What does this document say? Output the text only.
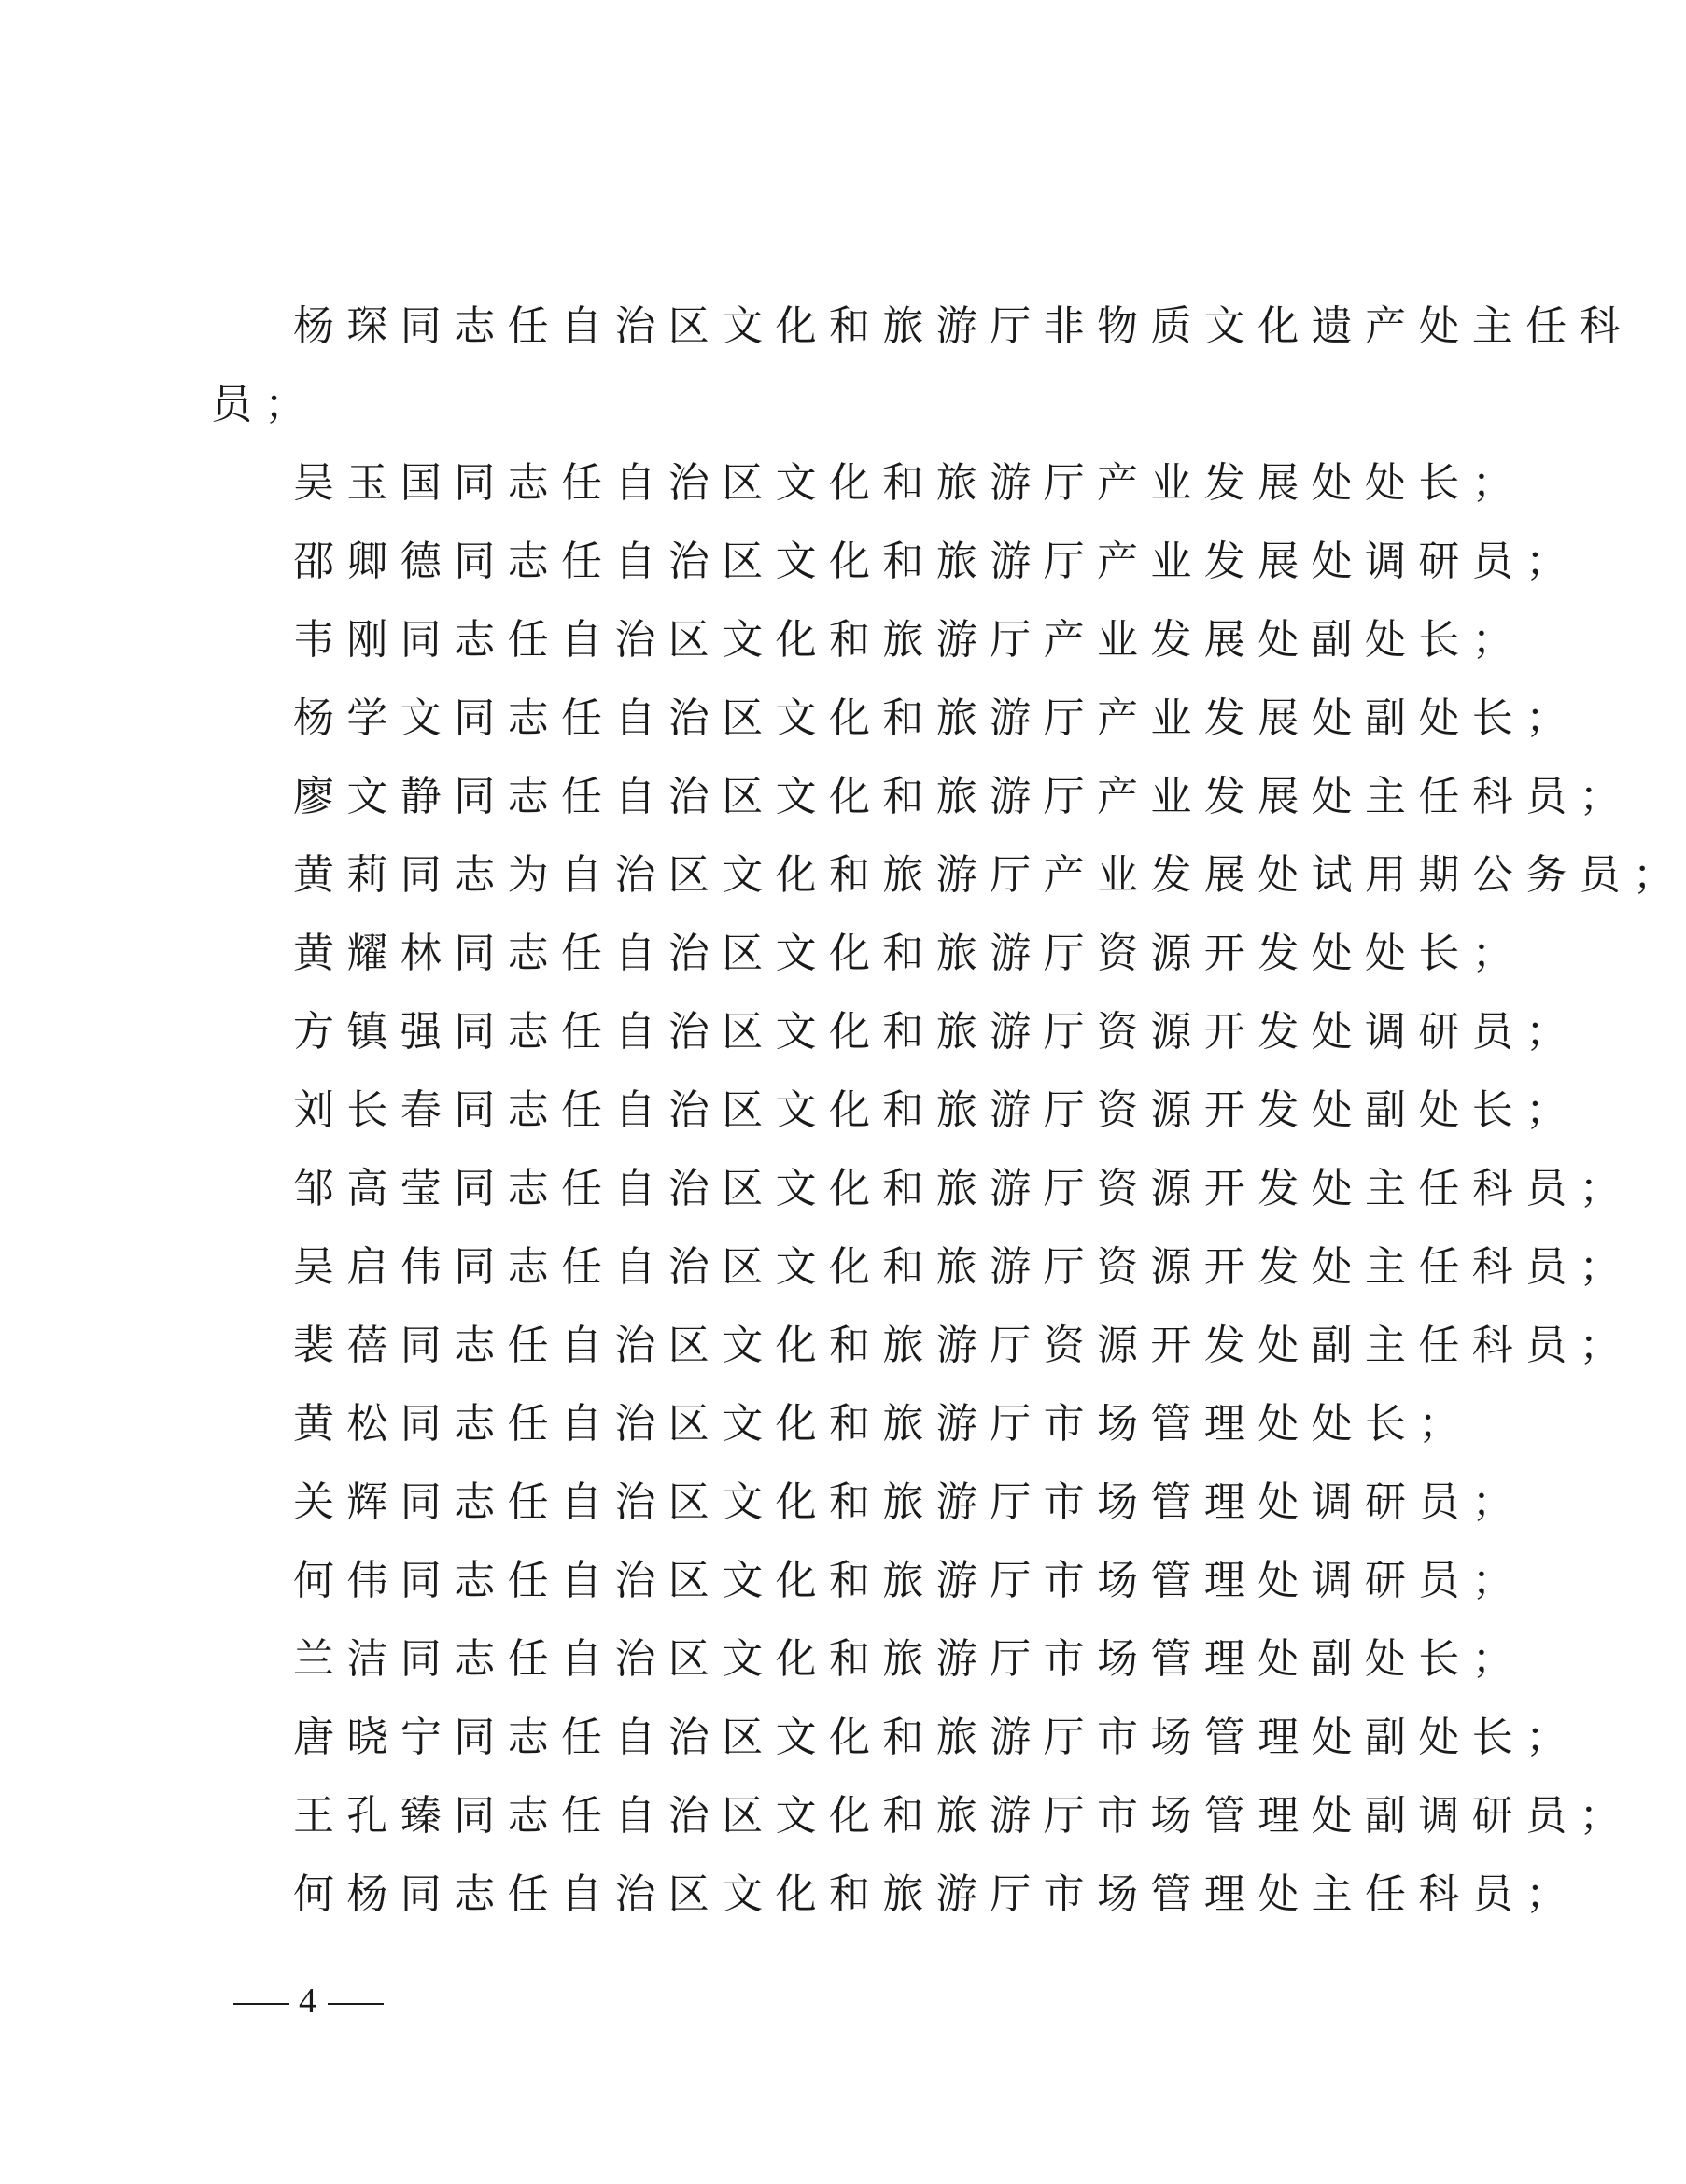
杨琛同志任自治区文化和旅游厅非物质文化遗产处主任科

员；

吴玉国同志任自治区文化和旅游厅产业发展处处长；

邵卿德同志任自治区文化和旅游厅产业发展处调研员；

韦刚同志任自治区文化和旅游厅产业发展处副处长；

杨学文同志任自治区文化和旅游厅产业发展处副处长；

廖文静同志任自治区文化和旅游厅产业发展处主任科员；

黄莉同志为自治区文化和旅游厅产业发展处试用期公务员；

黄耀林同志任自治区文化和旅游厅资源开发处处长；

方镇强同志任自治区文化和旅游厅资源开发处调研员；

刘长春同志任自治区文化和旅游厅资源开发处副处长；

邹高莹同志任自治区文化和旅游厅资源开发处主任科员；

吴启伟同志任自治区文化和旅游厅资源开发处主任科员；

裴蓓同志任自治区文化和旅游厅资源开发处副主任科员；

黄松同志任自治区文化和旅游厅市场管理处处长；

关辉同志任自治区文化和旅游厅市场管理处调研员；

何伟同志任自治区文化和旅游厅市场管理处调研员；

兰洁同志任自治区文化和旅游厅市场管理处副处长；

唐晓宁同志任自治区文化和旅游厅市场管理处副处长；

王孔臻同志任自治区文化和旅游厅市场管理处副调研员；

何杨同志任自治区文化和旅游厅市场管理处主任科员；

4
